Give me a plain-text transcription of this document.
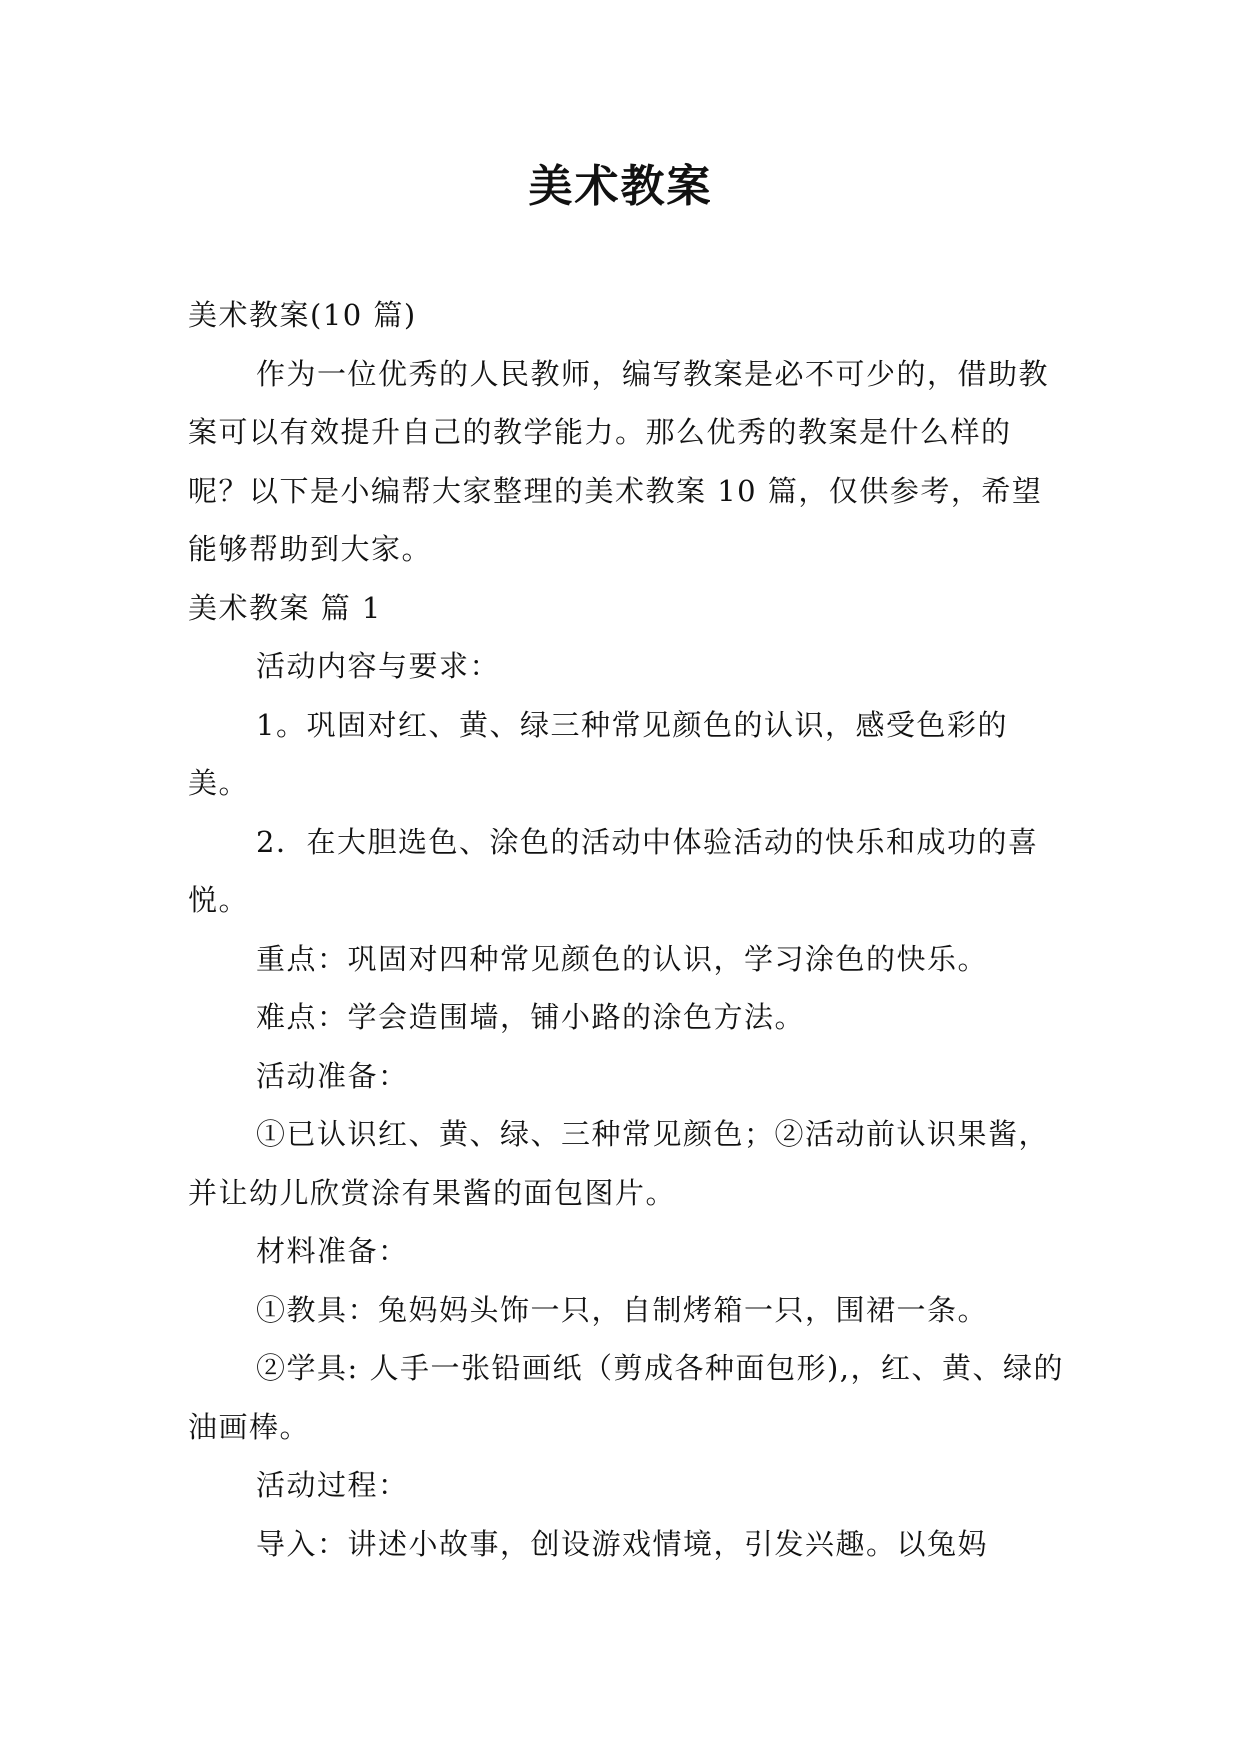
美术教案

美术教案(10 篇)

作为一位优秀的人民教师，编写教案是必不可少的，借助教案可以有效提升自己的教学能力。那么优秀的教案是什么样的呢？以下是小编帮大家整理的美术教案 10 篇，仅供参考，希望能够帮助到大家。

美术教案 篇 1

活动内容与要求：

1。巩固对红、黄、绿三种常见颜色的认识，感受色彩的美。

2．在大胆选色、涂色的活动中体验活动的快乐和成功的喜悦。

重点：巩固对四种常见颜色的认识，学习涂色的快乐。

难点：学会造围墙，铺小路的涂色方法。

活动准备：

①已认识红、黄、绿、三种常见颜色；②活动前认识果酱，并让幼儿欣赏涂有果酱的面包图片。

材料准备：

①教具：兔妈妈头饰一只，自制烤箱一只，围裙一条。

②学具: 人手一张铅画纸（剪成各种面包形),，红、黄、绿的油画棒。

活动过程：

导入：讲述小故事，创设游戏情境，引发兴趣。以兔妈
